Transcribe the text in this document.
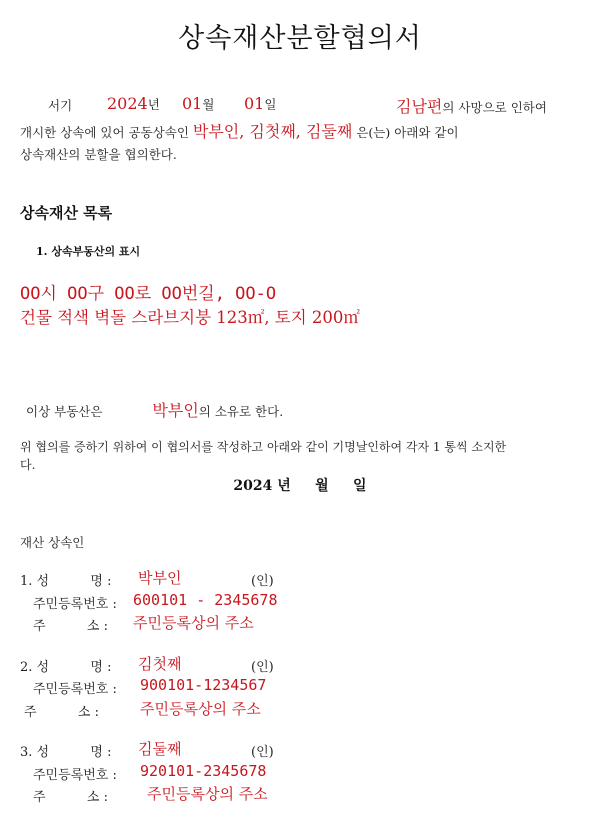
상속재산분할협의서
서기 2024년 01월 01일	김남편의 사망으로 인하여
개시한 상속에 있어 공동상속인 박부인, 김첫째, 김둘째 은(는) 아래와 같이
상속재산의 분할을 협의한다.
상속재산 목록
1. 상속부동산의 표시
OO시 OO구 OO로 OO번길, OO-O
건물 적색 벽돌 스라브지붕 123㎡, 토지 200㎡
이상 부동산은	박부인의 소유로 한다.
위 협의를 증하기 위하여 이 협의서를 작성하고 아래와 같이 기명날인하여 각자 1 통씩 소지한
다.
2024 년     월     일
재산 상속인
1. 성          명 : 박부인	(인)
주민등록번호 : 600101 - 2345678
주          소 : 주민등록상의 주소
2. 성          명 : 김첫째	(인)
주민등록번호 : 900101-1234567
주          소 :	주민등록상의 주소
3. 성          명 : 김둘째	(인)
주민등록번호 : 920101-2345678
주          소 :	주민등록상의 주소
